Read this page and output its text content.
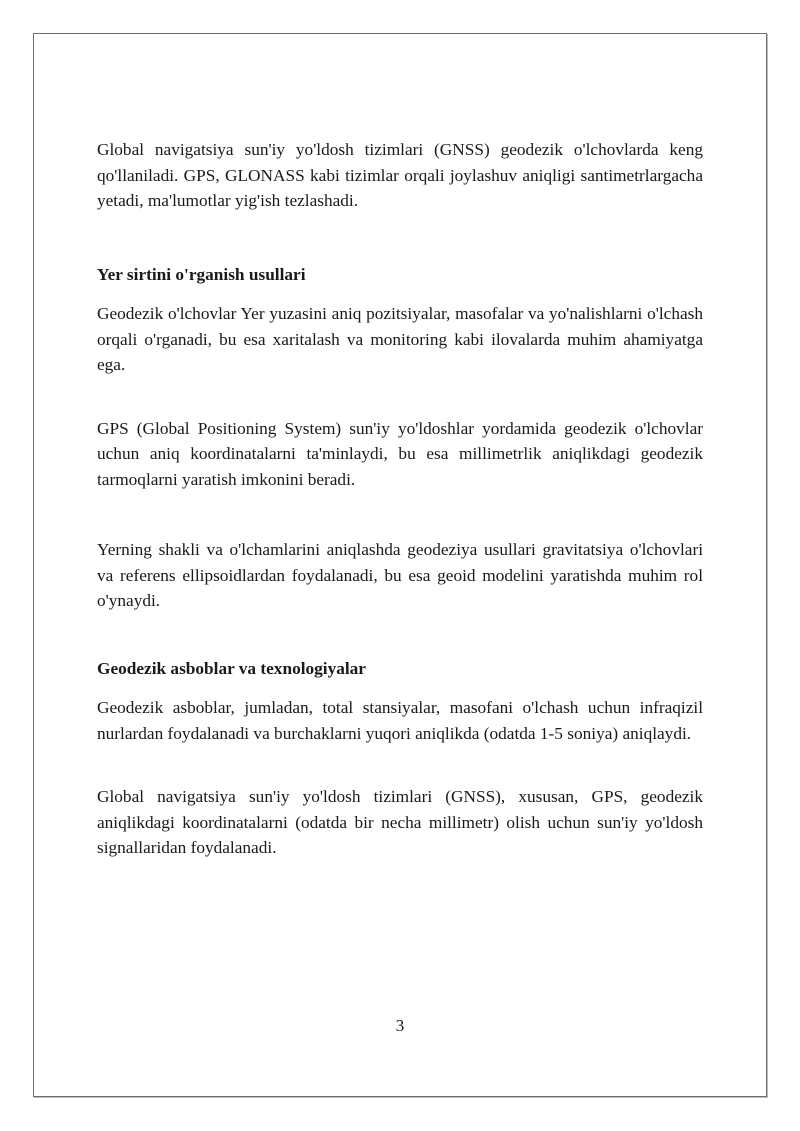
Global navigatsiya sun'iy yo'ldosh tizimlari (GNSS) geodezik o'lchovlarda keng qo'llaniladi. GPS, GLONASS kabi tizimlar orqali joylashuv aniqligi santimetrlargacha yetadi, ma'lumotlar yig'ish tezlashadi.

Yer sirtini o'rganish usullari

Geodezik o'lchovlar Yer yuzasini aniq pozitsiyalar, masofalar va yo'nalishlarni o'lchash orqali o'rganadi, bu esa xaritalash va monitoring kabi ilovalarda muhim ahamiyatga ega.

GPS (Global Positioning System) sun'iy yo'ldoshlar yordamida geodezik o'lchovlar uchun aniq koordinatalarni ta'minlaydi, bu esa millimetrlik aniqlikdagi geodezik tarmoqlarni yaratish imkonini beradi.

Yerning shakli va o'lchamlarini aniqlashda geodeziya usullari gravitatsiya o'lchovlari va referens ellipsoidlardan foydalanadi, bu esa geoid modelini yaratishda muhim rol o'ynaydi.

Geodezik asboblar va texnologiyalar

Geodezik asboblar, jumladan, total stansiyalar, masofani o'lchash uchun infraqizil nurlardan foydalanadi va burchaklarni yuqori aniqlikda (odatda 1-5 soniya) aniqlaydi.

Global navigatsiya sun'iy yo'ldosh tizimlari (GNSS), xususan, GPS, geodezik aniqlikdagi koordinatalarni (odatda bir necha millimetr) olish uchun sun'iy yo'ldosh signallaridan foydalanadi.

3
